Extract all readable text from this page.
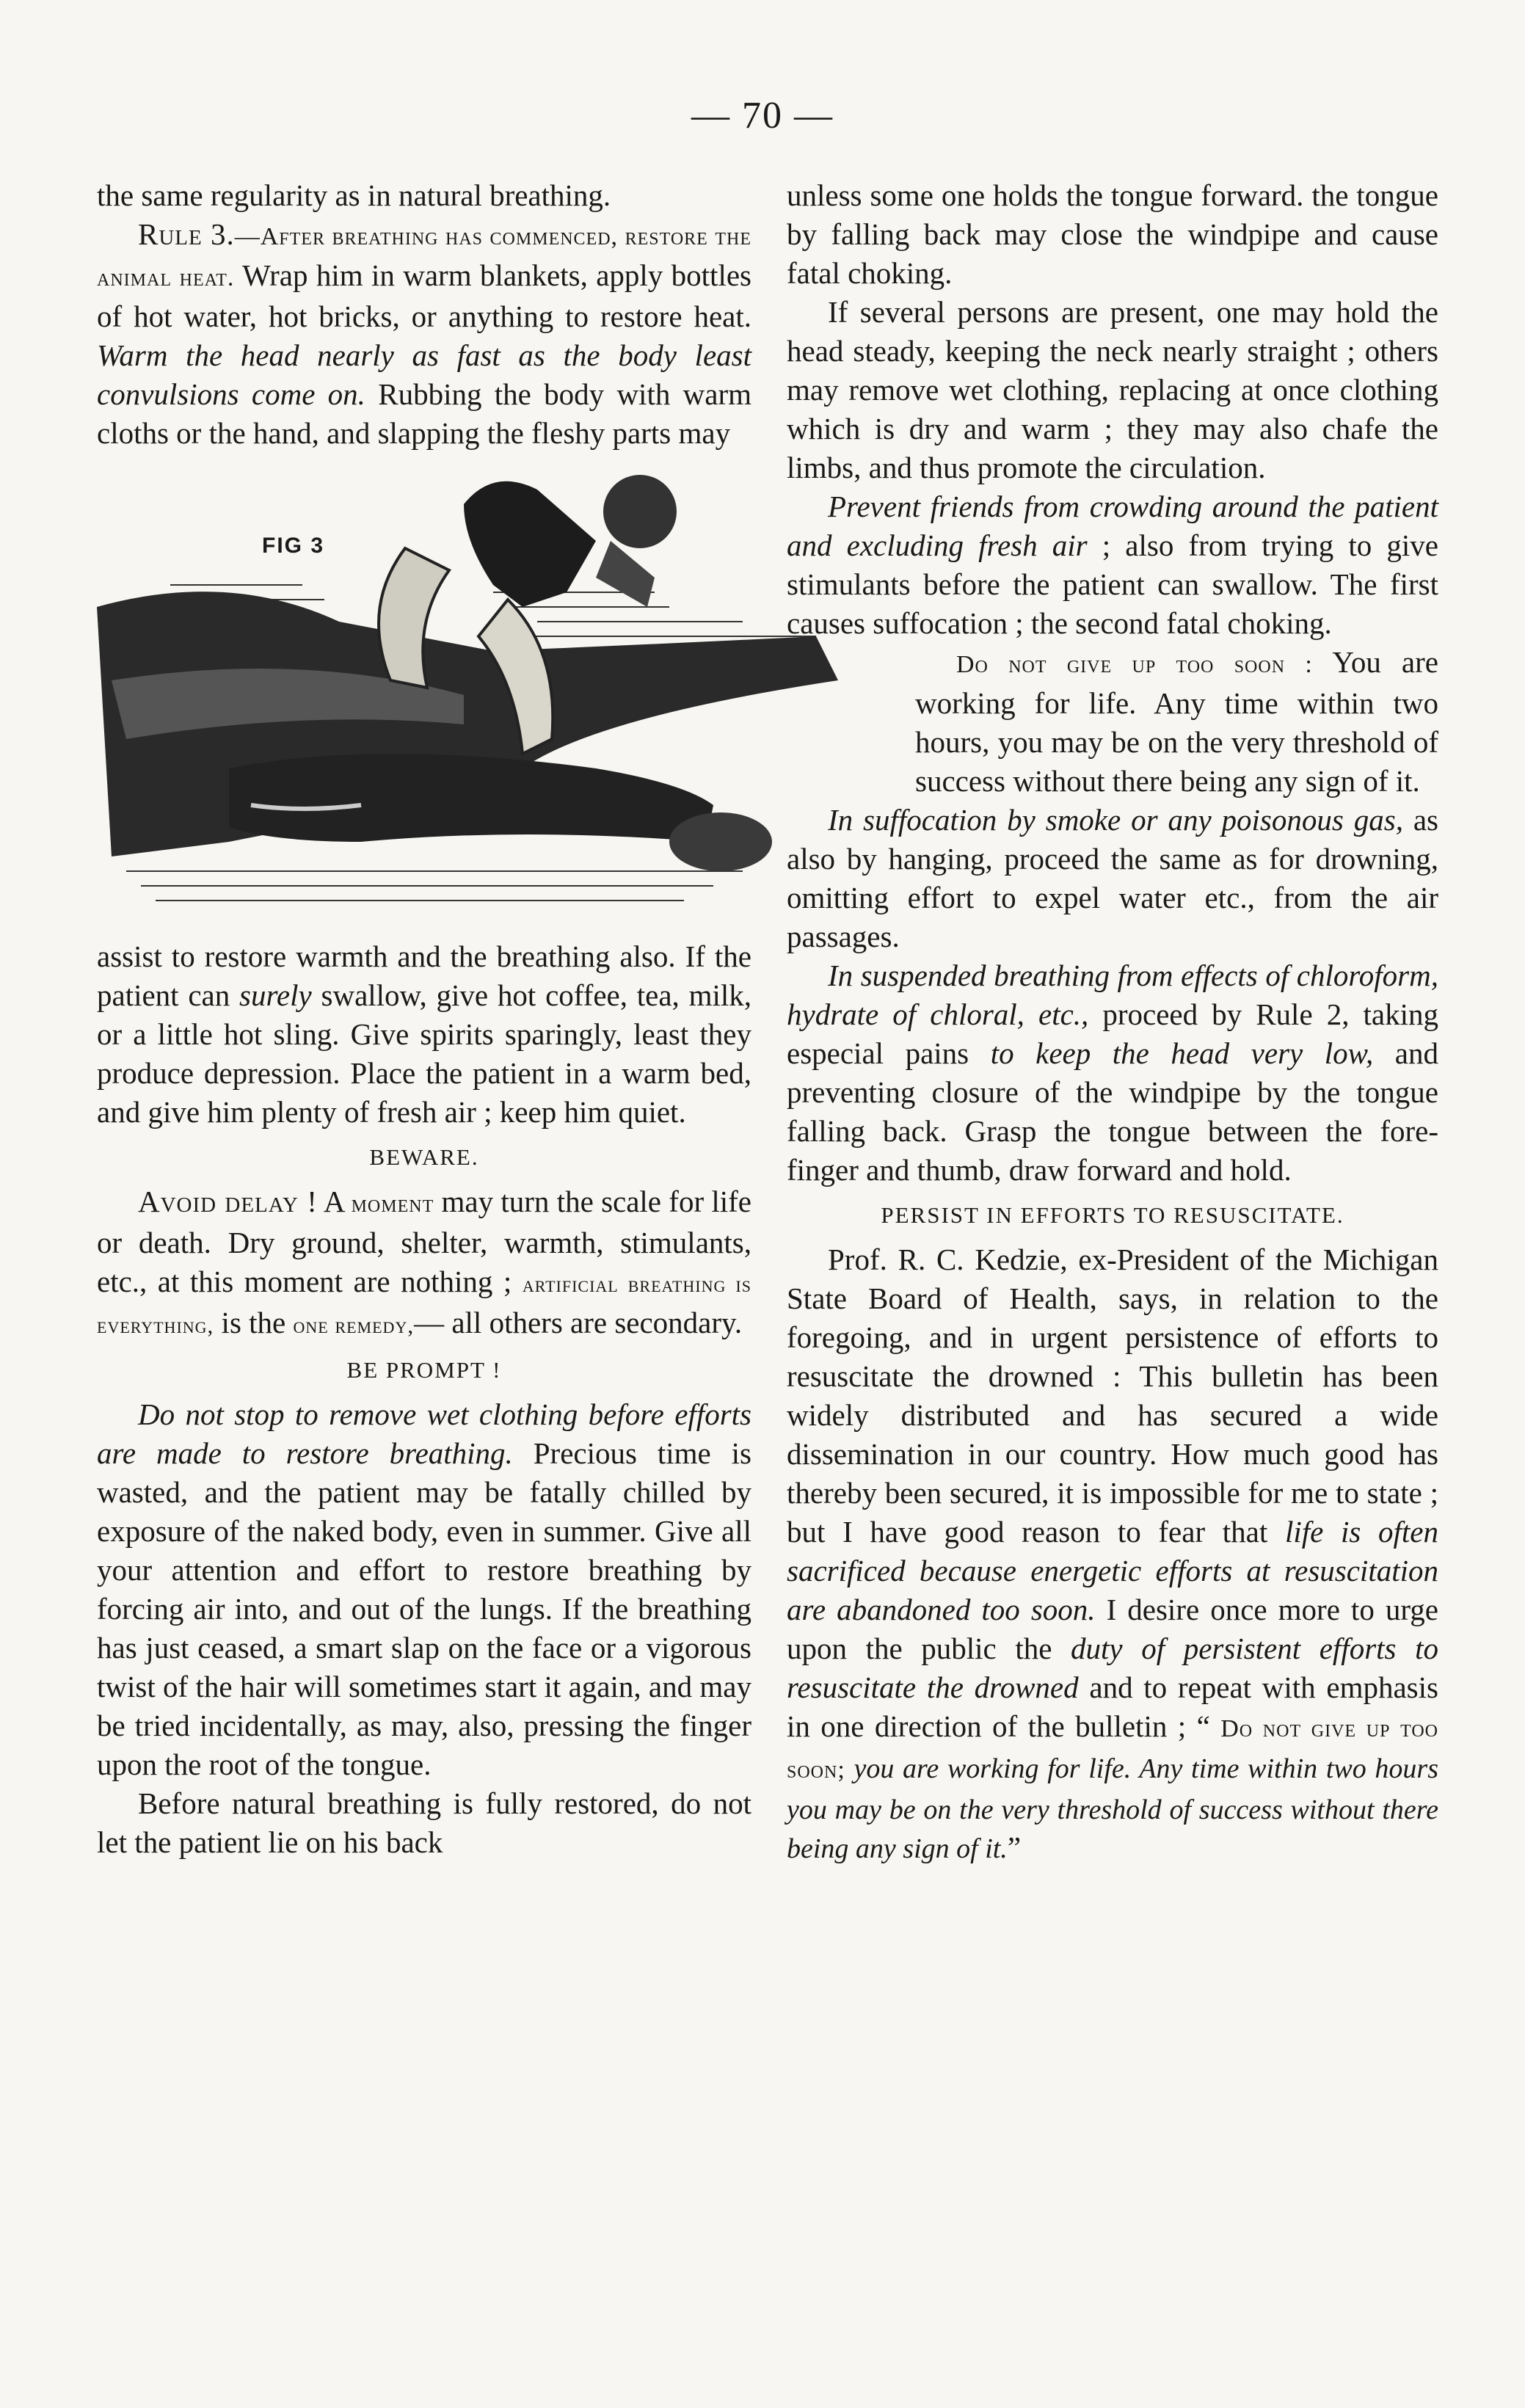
— 70 —

the same regularity as in natural breathing.

Rule 3.—After breathing has commenced, restore the animal heat. Wrap him in warm blankets, apply bottles of hot water, hot bricks, or anything to restore heat. Warm the head nearly as fast as the body least convulsions come on. Rubbing the body with warm cloths or the hand, and slapping the fleshy parts may

FIG 3

assist to restore warmth and the breathing also. If the patient can surely swallow, give hot coffee, tea, milk, or a little hot sling. Give spirits sparingly, least they produce depression. Place the patient in a warm bed, and give him plenty of fresh air ; keep him quiet.

BEWARE.

Avoid delay ! A moment may turn the scale for life or death. Dry ground, shelter, warmth, stimulants, etc., at this moment are nothing ; artificial breathing is everything, is the one remedy,— all others are secondary.

BE PROMPT !

Do not stop to remove wet clothing before efforts are made to restore breathing. Precious time is wasted, and the patient may be fatally chilled by exposure of the naked body, even in summer. Give all your attention and effort to restore breathing by forcing air into, and out of the lungs. If the breathing has just ceased, a smart slap on the face or a vigorous twist of the hair will sometimes start it again, and may be tried incidentally, as may, also, pressing the finger upon the root of the tongue.

Before natural breathing is fully restored, do not let the patient lie on his back

unless some one holds the tongue forward. the tongue by falling back may close the windpipe and cause fatal choking.

If several persons are present, one may hold the head steady, keeping the neck nearly straight ; others may remove wet clothing, replacing at once clothing which is dry and warm ; they may also chafe the limbs, and thus promote the circulation.

Prevent friends from crowding around the patient and excluding fresh air ; also from trying to give stimulants before the patient can swallow. The first causes suffocation ; the second fatal choking.

Do not give up too soon : You are working for life. Any time within two hours, you may be on the very threshold of success without there being any sign of it.

In suffocation by smoke or any poisonous gas, as also by hanging, proceed the same as for drowning, omitting effort to expel water etc., from the air passages.

In suspended breathing from effects of chloroform, hydrate of chloral, etc., proceed by Rule 2, taking especial pains to keep the head very low, and preventing closure of the windpipe by the tongue falling back. Grasp the tongue between the fore-finger and thumb, draw forward and hold.

PERSIST IN EFFORTS TO RESUSCITATE.

Prof. R. C. Kedzie, ex-President of the Michigan State Board of Health, says, in relation to the foregoing, and in urgent persistence of efforts to resuscitate the drowned : This bulletin has been widely distributed and has secured a wide dissemination in our country. How much good has thereby been secured, it is impossible for me to state ; but I have good reason to fear that life is often sacrificed because energetic efforts at resuscitation are abandoned too soon. I desire once more to urge upon the public the duty of persistent efforts to resuscitate the drowned and to repeat with emphasis in one direction of the bulletin ; “ Do not give up too soon; you are working for life. Any time within two hours you may be on the very threshold of success without there being any sign of it.”
